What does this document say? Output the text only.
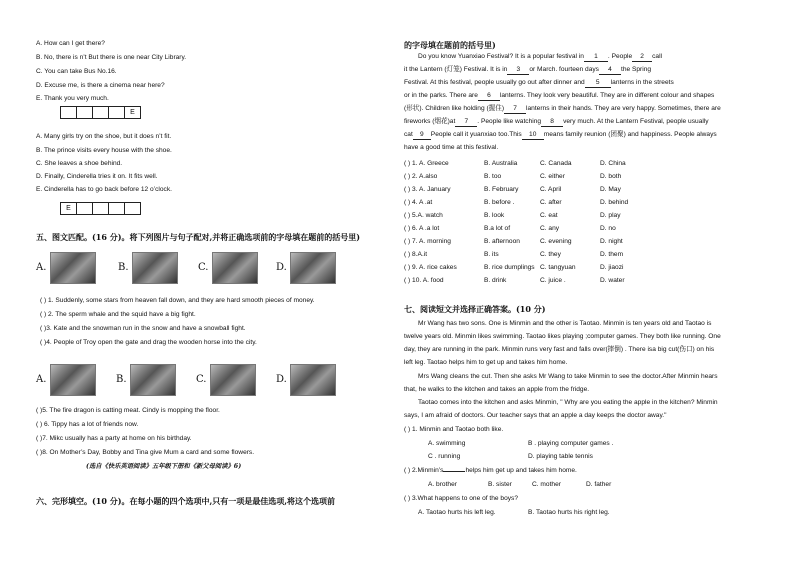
A. How can I get there?
B. No, there is n’t But there is one near City Library.
C. You can take Bus No.16.
D. Excuse me, is there a cinema near here?
E. Thank you very much.
E
A. Many girls try on the shoe, but it does n’t fit.
B. The prince visits every house with the shoe.
C. She leaves a shoe behind.
D. Finally, Cinderella tries it on. It fits well.
E. Cinderella has to go back before 12 o’clock.
E
五、图文匹配。(16 分)。将下列图片与句子配对,并将正确选项前的字母填在题前的括号里)
A.	B.	C.	D.
( ) 1. Suddenly, some stars from heaven fall down, and they are hard smooth pieces of money.
( ) 2. The sperm whale and the squid have a big fight.
( )3. Kate and the snowman run in the snow and have a snowball fight.
( )4. People of Troy open the gate and drag the wooden horse into the city.
A.	B.	C.	D.
( )5. The fire dragon is catting meat. Cindy is mopping the floor.
( ) 6. Tippy has a lot of friends now.
( )7. Mikc usually has a party at home on his birthday.
( )8. On Mother’s Day, Bobby and Tina give Mum a card and some flowers.
(选自《快乐英语阅读》五年级下册和《新父母阅读》6)
六、完形填空。(10 分)。在每小题的四个选项中,只有一项是最佳选项,将这个选项前
的字母填在题前的括号里)
Do you know Yuanxiao Festival? It is a popular festival in 1 . People 2 call
it the Lantern (灯笼) Festival. It is in 3 or March. fourteen days 4 the Spring
Festival. At this festival, people usually go out after dinner and 5 lanterns in the streets
or in the parks. There are 6 lanterns. They look very beautiful. They are in different colour and shapes
(形状). Children like holding (握住) 7 lanterns in their hands. They are very happy. Sometimes, there are
fireworks (烟花)at 7 . People like watching 8 very much. At the Lantern Festival, people usually
cat 9 People call it yuanxiao too.This 10 means family reunion (团聚) and happiness. People always
have a good time at this festival.
( ) 1. A. Greece	B. Australia	C. Canada	D. China
( ) 2. A.also	B. too	C. either	D. both
( ) 3. A. January	B. February	C. April	D. May
( ) 4. A .at	B. before .	C. after	D. behind
( ) 5.A. watch	B. look	C. eat	D. play
( ) 6. A .a lot	B.a lot of	C. any	D. no
( ) 7. A. morning	B. afternoon	C. evening	D. night
( ) 8.A.it	B. its	C. they	D. them
( ) 9. A. rice cakes	B. rice dumplings C. tangyuan	D. jiaozi
( ) 10. A. food	B. drink	C. juice .	D. water
七、阅读短文并选择正确答案。(10 分)
Mr Wang has two sons. One is Minmin and the other is Taotao. Minmin is ten years old and Taotao is
twelve years old. Minmin likes swimming. Taotao likes playing ;computer games. They both like running. One
day, they are running in the park. Minmin runs very fast and falls over(摔倒) . There isa big cut(伤口) on his
left leg. Taotao helps him to get up and takes him home.
Mrs Wang cleans the cut. Then she asks Mr Wang to take Minmin to see the doctor.After Minmin hears
that, he walks to the kitchen and takes an apple from the fridge.
Taotao comes into the kitchen and asks Minmin, " Why are you eating the apple in the kitchen? Minmin
says, I am afraid of doctors. Our teacher says that an apple a day keeps the doctor away."
( ) 1. Minmin and Taotao both like.
A. swimming	B . playing computer games .
C . running	D. playing table tennis
( ) 2.Minmin’s	helps him get up and takes him home.
A. brother	B. sister	C. mother	D. father
( ) 3.What happens to one of the boys?
A. Taotao hurts his left leg.	B. Taotao hurts his right leg.
